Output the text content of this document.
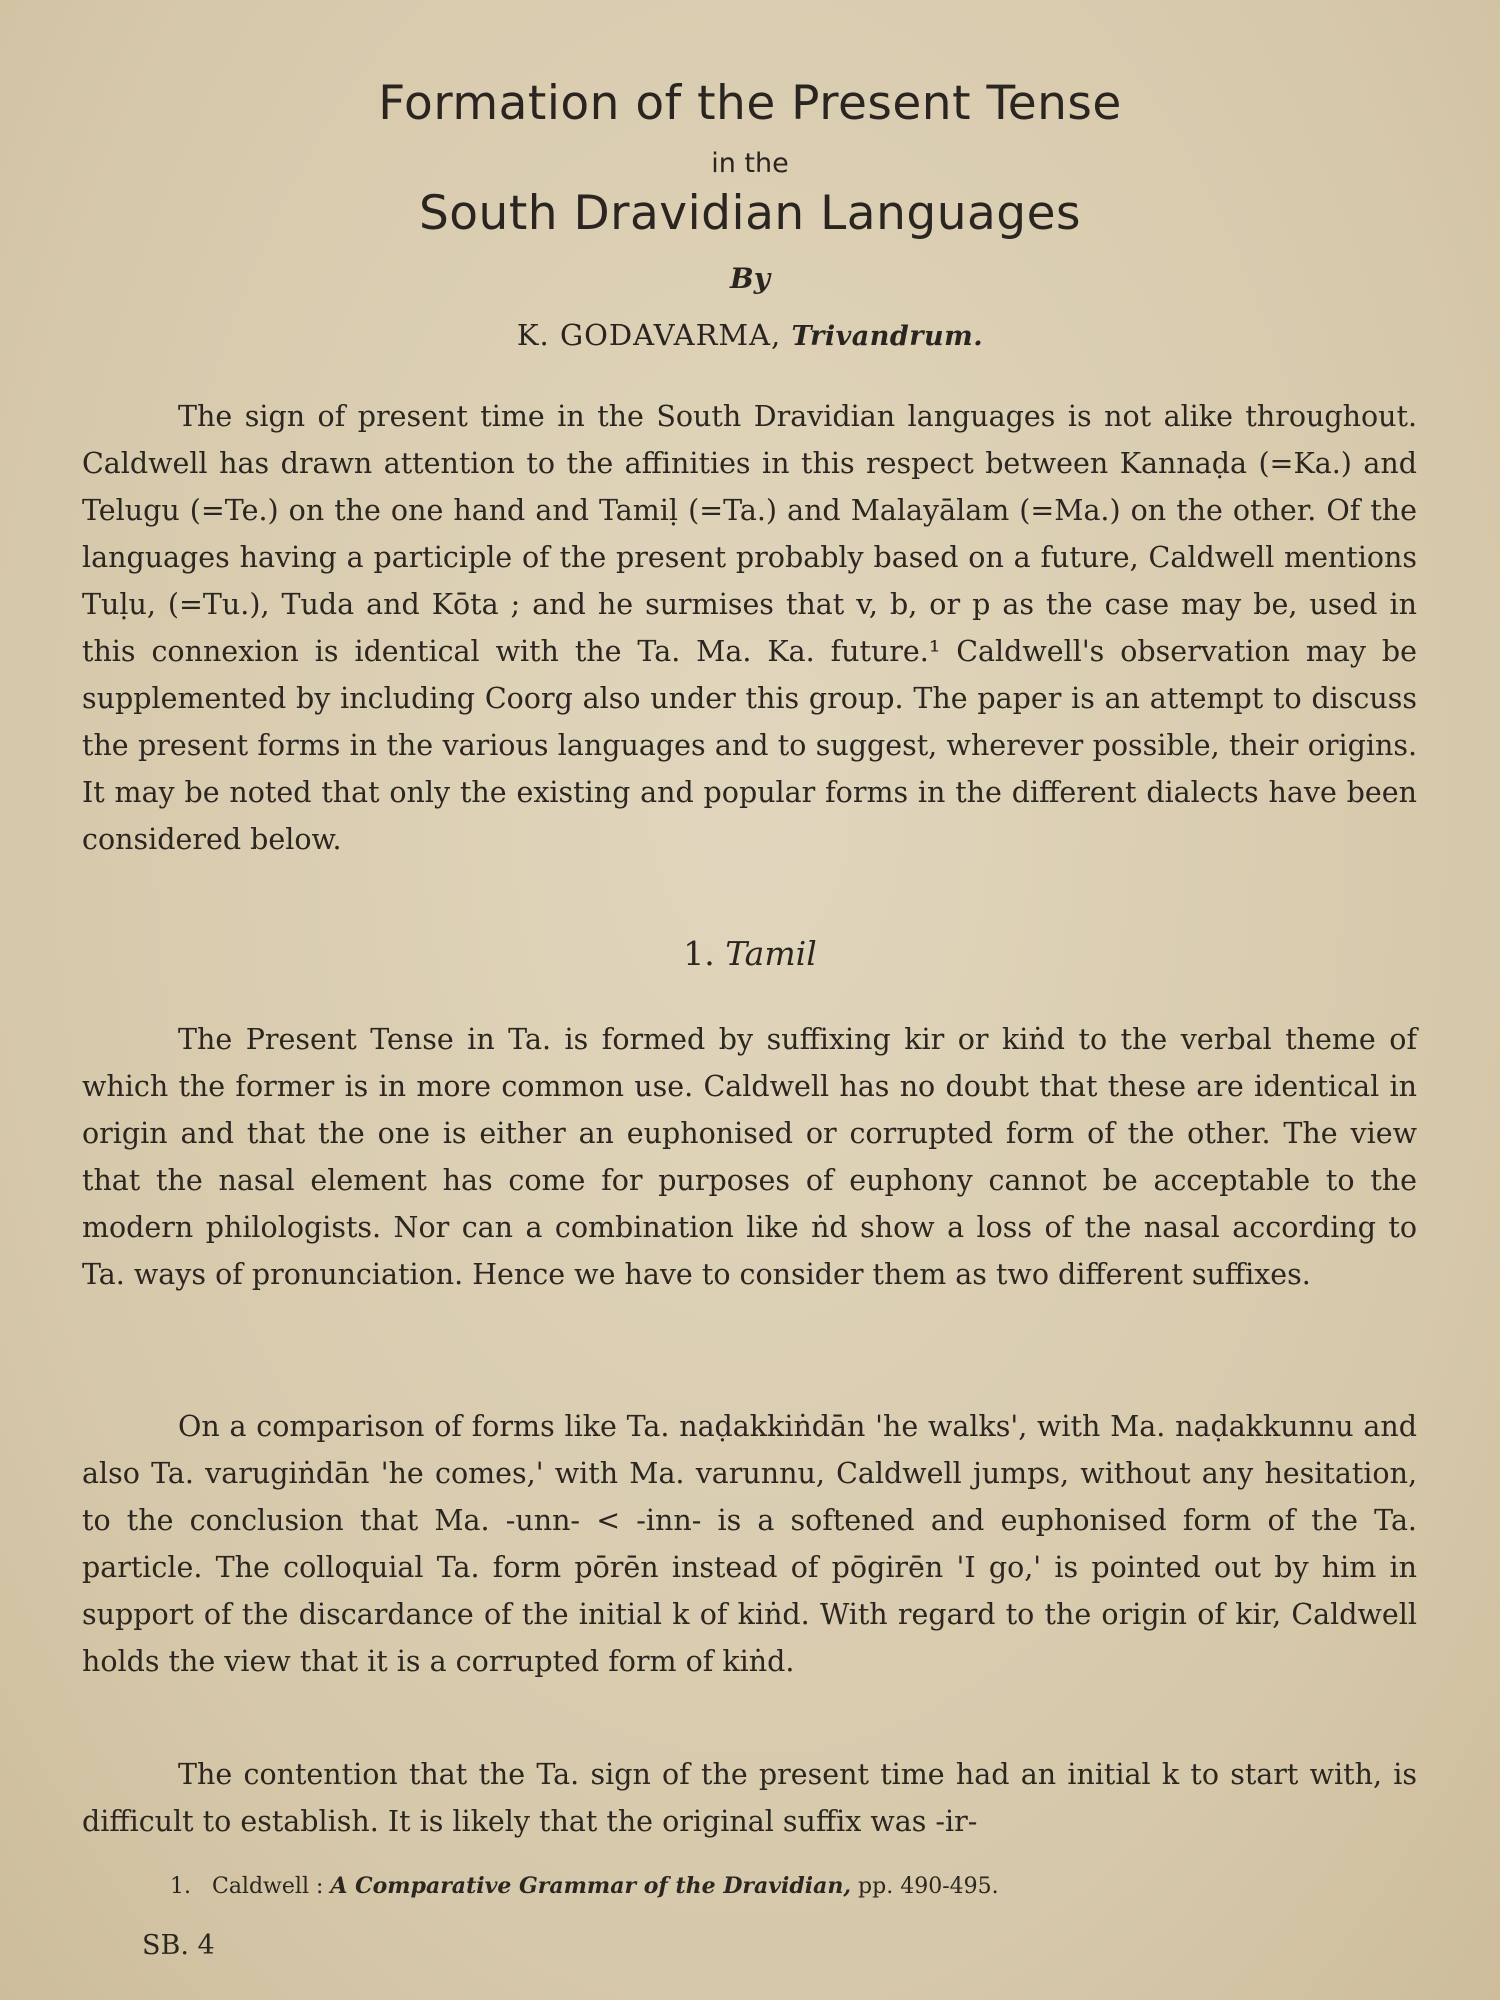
Formation of the Present Tense
in the
South Dravidian Languages
By
K. GODAVARMA, Trivandrum.
The sign of present time in the South Dravidian languages is not alike throughout. Caldwell has drawn attention to the affinities in this respect between Kannaḍa (=Ka.) and Telugu (=Te.) on the one hand and Tamiḷ (=Ta.) and Malayālam (=Ma.) on the other. Of the languages having a participle of the present probably based on a future, Caldwell mentions Tuḷu, (=Tu.), Tuda and Kōta ; and he surmises that v, b, or p as the case may be, used in this connexion is identical with the Ta. Ma. Ka. future.¹ Caldwell's observation may be supplemented by including Coorg also under this group. The paper is an attempt to discuss the present forms in the various languages and to suggest, wherever possible, their origins. It may be noted that only the existing and popular forms in the different dialects have been considered below.
1. Tamil
The Present Tense in Ta. is formed by suffixing kir or kiṅd to the verbal theme of which the former is in more common use. Caldwell has no doubt that these are identical in origin and that the one is either an euphonised or corrupted form of the other. The view that the nasal element has come for purposes of euphony cannot be acceptable to the modern philologists. Nor can a combination like ṅd show a loss of the nasal according to Ta. ways of pronunciation. Hence we have to consider them as two different suffixes.
On a comparison of forms like Ta. naḍakkiṅdān 'he walks', with Ma. naḍakkunnu and also Ta. varugiṅdān 'he comes,' with Ma. varunnu, Caldwell jumps, without any hesitation, to the conclusion that Ma. -unn- < -inn- is a softened and euphonised form of the Ta. particle. The colloquial Ta. form pōrēn instead of pōgirēn 'I go,' is pointed out by him in support of the discardance of the initial k of kiṅd. With regard to the origin of kir, Caldwell holds the view that it is a corrupted form of kiṅd.
The contention that the Ta. sign of the present time had an initial k to start with, is difficult to establish. It is likely that the original suffix was -ir-
1. Caldwell : A Comparative Grammar of the Dravidian, pp. 490-495.
SB. 4
